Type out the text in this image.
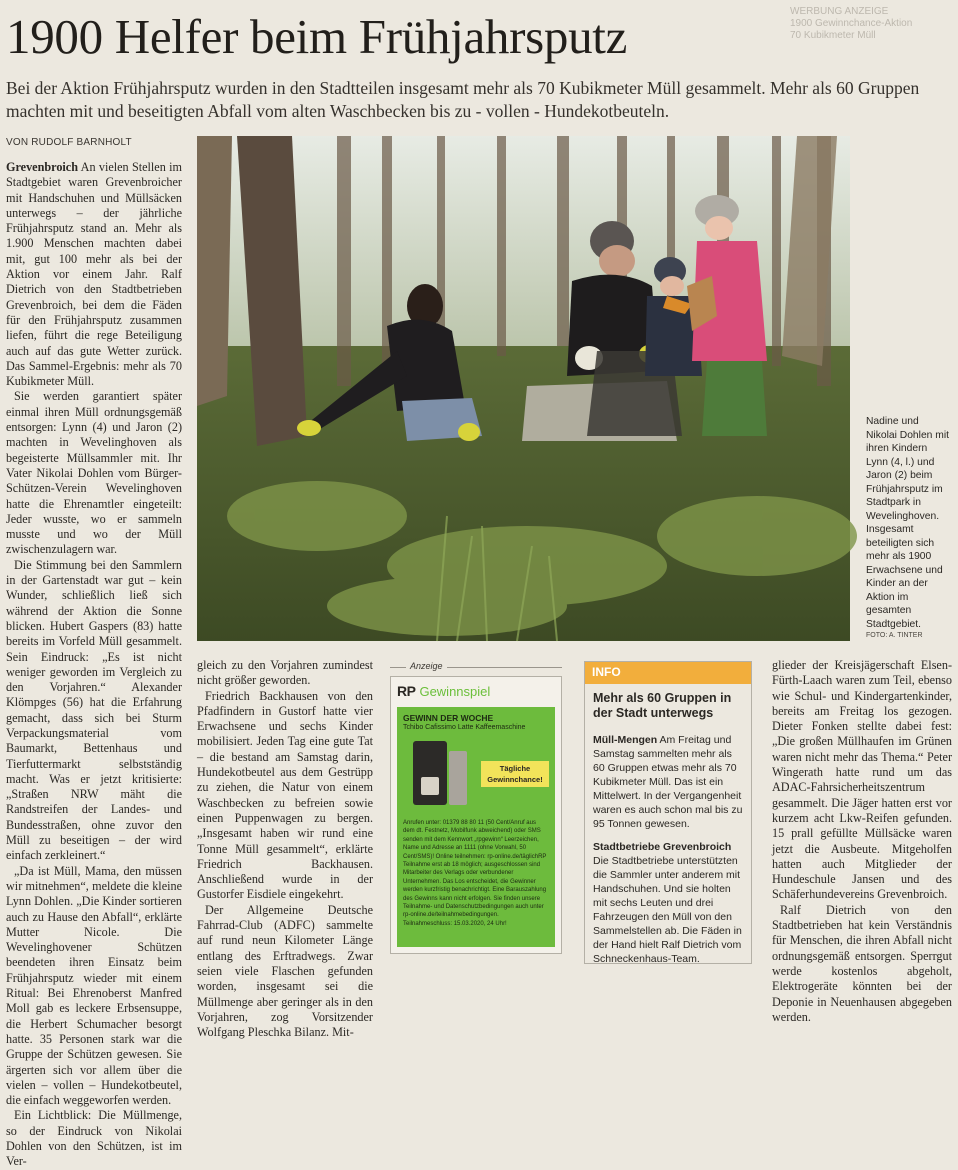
1900 Helfer beim Frühjahrsputz	WERBUNG ANZEIGE
1900 Gewinnchance-Aktion
70 Kubikmeter Müll

Bei der Aktion Frühjahrsputz wurden in den Stadtteilen insgesamt mehr als 70 Kubikmeter Müll gesammelt. Mehr als 60 Gruppen machten mit und beseitigten Abfall vom alten Waschbecken bis zu - vollen - Hundekotbeuteln.

VON RUDOLF BARNHOLT

Grevenbroich An vielen Stellen im Stadtgebiet waren Grevenbroicher mit Handschuhen und Müllsäcken unterwegs – der jährliche Frühjahrsputz stand an. Mehr als 1.900 Menschen machten dabei mit, gut 100 mehr als bei der Aktion vor einem Jahr. Ralf Dietrich von den Stadtbetrieben Grevenbroich, bei dem die Fäden für den Frühjahrsputz zusammen liefen, führt die rege Beteiligung auch auf das gute Wetter zurück. Das Sammel-Ergebnis: mehr als 70 Kubikmeter Müll.

Sie werden garantiert später einmal ihren Müll ordnungsgemäß entsorgen: Lynn (4) und Jaron (2) machten in Wevelinghoven als begeisterte Müllsammler mit. Ihr Vater Nikolai Dohlen vom Bürger-Schützen-Verein Wevelinghoven hatte die Ehrenamtler eingeteilt: Jeder wusste, wo er sammeln musste und wo der Müll zwischenzulagern war.

Die Stimmung bei den Sammlern in der Gartenstadt war gut – kein Wunder, schließlich ließ sich während der Aktion die Sonne blicken. Hubert Gaspers (83) hatte bereits im Vorfeld Müll gesammelt. Sein Eindruck: „Es ist nicht weniger geworden im Vergleich zu den Vorjahren.“ Alexander Klömpges (56) hat die Erfahrung gemacht, dass sich bei Sturm Verpackungsmaterial vom Baumarkt, Bettenhaus und Tierfuttermarkt selbstständig macht. Was er jetzt kritisierte: „Straßen NRW mäht die Randstreifen der Landes- und Bundesstraßen, ohne zuvor den Müll zu beseitigen – der wird einfach zerkleinert.“

„Da ist Müll, Mama, den müssen wir mitnehmen“, meldete die kleine Lynn Dohlen. „Die Kinder sortieren auch zu Hause den Abfall“, erklärte Mutter Nicole. Die Wevelinghovener Schützen beendeten ihren Einsatz beim Frühjahrsputz wieder mit einem Ritual: Bei Ehrenoberst Manfred Moll gab es leckere Erbsensuppe, die Herbert Schumacher besorgt hatte. 35 Personen stark war die Gruppe der Schützen gewesen. Sie ärgerten sich vor allem über die vielen – vollen – Hundekotbeutel, die einfach weggeworfen werden.

Ein Lichtblick: Die Müllmenge, so der Eindruck von Nikolai Dohlen von den Schützen, ist im Ver-

Nadine und Nikolai Dohlen mit ihren Kindern Lynn (4, l.) und Jaron (2) beim Frühjahrsputz im Stadtpark in Wevelinghoven. Insgesamt beteiligten sich mehr als 1900 Erwachsene und Kinder an der Aktion im gesamten Stadtgebiet.
FOTO: A. TINTER

gleich zu den Vorjahren zumindest nicht größer geworden.

Friedrich Backhausen von den Pfadfindern in Gustorf hatte vier Erwachsene und sechs Kinder mobilisiert. Jeden Tag eine gute Tat – die bestand am Samstag darin, Hundekotbeutel aus dem Gestrüpp zu ziehen, die Natur von einem Waschbecken zu befreien sowie einen Puppenwagen zu bergen. „Insgesamt haben wir rund eine Tonne Müll gesammelt“, erklärte Friedrich Backhausen. Anschließend wurde in der Gustorfer Eisdiele eingekehrt.

Der Allgemeine Deutsche Fahrrad-Club (ADFC) sammelte auf rund neun Kilometer Länge entlang des Erftradwegs. Zwar seien viele Flaschen gefunden worden, insgesamt sei die Müllmenge aber geringer als in den Vorjahren, zog Vorsitzender Wolfgang Pleschka Bilanz. Mit-

Anzeige
RP Gewinnspiel
GEWINN DER WOCHE
Tchibo Cafissimo Latte Kaffeemaschine
Tägliche Gewinnchance!
Anrufen unter: 01379 88 80 11 (50 Cent/Anruf aus dem dt. Festnetz, Mobilfunk abweichend) oder SMS senden mit dem Kennwort „rpgewinn“ Leerzeichen, Name und Adresse an 1111 (ohne Vorwahl, 50 Cent/SMS)! Online teilnehmen: rp-online.de/täglichRP Teilnahme erst ab 18 möglich; ausgeschlossen sind Mitarbeiter des Verlags oder verbundener Unternehmen. Das Los entscheidet, die Gewinner werden kurzfristig benachrichtigt. Eine Barauszahlung des Gewinns kann nicht erfolgen. Sie finden unsere Teilnahme- und Datenschutzbedingungen auch unter rp-online.de/teilnahmebedingungen. Teilnahmeschluss: 15.03.2020, 24 Uhr!
INFO
Mehr als 60 Gruppen in der Stadt unterwegs
Müll-Mengen Am Freitag und Samstag sammelten mehr als 60 Gruppen etwas mehr als 70 Kubikmeter Müll. Das ist ein Mittelwert. In der Vergangenheit waren es auch schon mal bis zu 95 Tonnen gewesen.
Stadtbetriebe Grevenbroich
Die Stadtbetriebe unterstützten die Sammler unter anderem mit Handschuhen. Und sie holten mit sechs Leuten und drei Fahrzeugen den Müll von den Sammelstellen ab. Die Fäden in der Hand hielt Ralf Dietrich vom Schneckenhaus-Team.

glieder der Kreisjägerschaft Elsen-Fürth-Laach waren zum Teil, ebenso wie Schul- und Kindergartenkinder, bereits am Freitag los gezogen. Dieter Fonken stellte dabei fest: „Die großen Müllhaufen im Grünen waren nicht mehr das Thema.“ Peter Wingerath hatte rund um das ADAC-Fahrsicherheitszentrum gesammelt. Die Jäger hatten erst vor kurzem acht Lkw-Reifen gefunden. 15 prall gefüllte Müllsäcke waren jetzt die Ausbeute. Mitgeholfen hatten auch Mitglieder der Hundeschule Jansen und des Schäferhundevereins Grevenbroich.

Ralf Dietrich von den Stadtbetrieben hat kein Verständnis für Menschen, die ihren Abfall nicht ordnungsgemäß entsorgen. Sperrgut werde kostenlos abgeholt, Elektrogeräte könnten bei der Deponie in Neuenhausen abgegeben werden.
